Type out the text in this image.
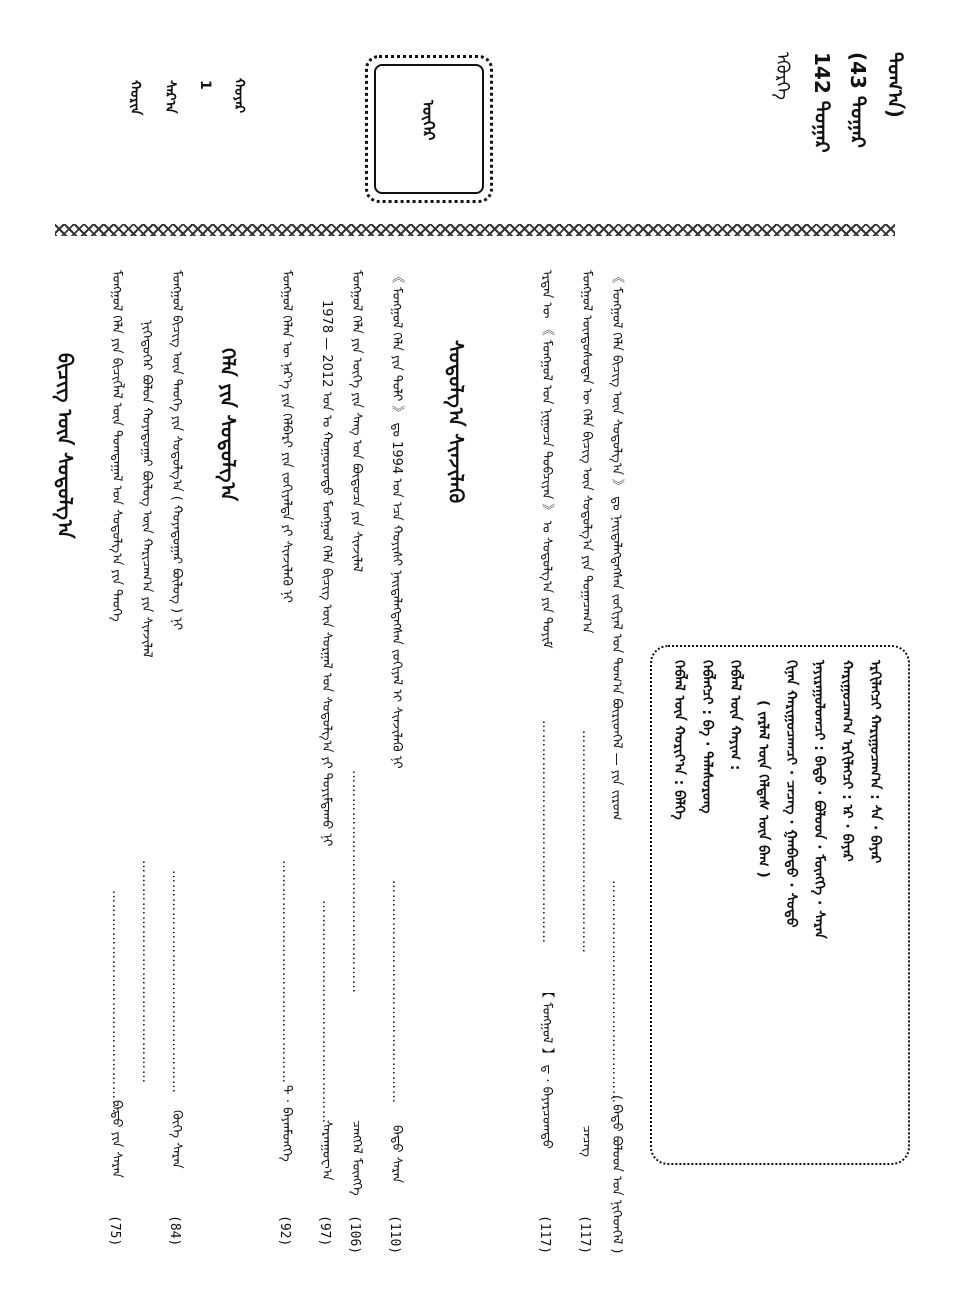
ᠳᠤᠭ᠎ᠠ)
(43 ᠳᠤᠭᠠᠷ
142 ᠳᠤᠭᠠᠷ
ᠡᠭᠦᠷᠭᠡ
ᠦᠬᠡᠷ
ᠬᠣᠶᠠᠷ
1
ᠰᠠᠷ᠎ᠠ
ᠬᠣᠷᠢᠨ
ᠡᠷᠬᠢᠯᠡᠭᠴᠢ ᠬᠠᠷᠢᠭᠤᠴᠠᠭ᠎ᠠ : ᠰᠠ · ᠪᠠᠶᠠᠷ
ᠬᠠᠷᠢᠭᠤᠴᠠᠭ᠎ᠠ ᠡᠷᠬᠢᠯᠡᠭᠴᠢ : ᠡᠷ · ᠪᠠᠶᠠᠷ
ᠨᠠᠶᠢᠷᠠᠭᠤᠯᠤᠭᠴᠢ : ᠪᠠᠲᠤ · ᠪᠣᠯᠣᠳ · ᠮᠥᠩᠬᠡ · ᠰᠠᠷᠠᠨ
ᠬᠢᠨᠠᠨ ᠬᠠᠷᠢᠭᠤᠴᠠᠭᠴᠢ · ᠴᠡᠴᠡᠭ · ᠭᠠᠨᠪᠠᠲᠤ · ᠰᠤᠳᠤ
( ᠵᠠᠷᠯᠠᠯ ᠦᠨ ᠬᠡᠯᠲᠡᠰ ᠦᠨ ᠪᠠᠭ )
ᠬᠡᠪᠯᠡᠯ ᠦᠨ ᠬᠠᠶᠢᠭ :
ᠬᠡᠪᠯᠡᠭᠴᠢ : ᠪᠠ · ᠲᠠᠯᠠᠰᠦᠷᠦᠩ
ᠬᠡᠪᠯᠡᠯ ᠦᠨ ᠬᠣᠷᠢᠶ᠎ᠠ : ᠪᠡᠯᠭᠡ
ᠰᠤᠳᠤᠯᠭ᠎ᠠ ᠰᠢᠨᠵᠢᠯᠡᠬᠦ	《 ᠮᠣᠩᠭᠣᠯ ᠬᠡᠯᠡ ᠪᠢᠴᠢᠭ ᠦᠨ ᠰᠤᠳᠤᠯᠭ᠎ᠠ 》 ᠳᠤ ᠨᠡᠢᠲᠡᠯᠡᠭᠳᠡᠭᠰᠡᠨ ᠵᠣᠬᠢᠶᠠᠯ ᠤᠨ ᠲᠣᠭ᠎ᠠ ᠪᠦᠷᠢᠳᠭᠡᠯ — ᠶᠢᠨ ᠵᠢᠷᠤᠭ
…………………………………………
( ᠪᠠᠲᠤ ᠪᠣᠯᠣᠳ ᠤᠨ ᠨᠢᠭᠡᠳᠬᠡᠯ )
ᠮᠣᠩᠭᠣᠯ ᠦᠨᠳᠦᠰᠦᠲᠡᠨ ᠦ ᠬᠡᠯᠡ ᠪᠢᠴᠢᠭ ᠦᠨ ᠰᠤᠳᠤᠯᠭ᠎ᠠ ᠶᠢᠨ ᠲᠣᠭᠠᠴᠠᠭ᠎ᠠ
…………………………………………
ᠴᠡᠴᠡᠭ
(117)
ᠡᠷᠲᠡᠨ ᠦ 《 ᠮᠣᠩᠭᠣᠯ ᠤᠨ ᠨᠢᠭᠤᠴᠠ ᠲᠣᠪᠴᠢᠶᠠᠨ 》 ᠤ ᠰᠤᠳᠤᠯᠭ᠎ᠠ ᠶᠢᠨ ᠲᠣᠶᠢᠮ
…………………………………………
【 ᠮᠣᠩᠭᠣᠯ 】 ᠳ · ᠪᠠᠶᠠᠷᠴᠣᠭᠲᠤ
(117)
ᠬᠡᠯᠡ ᠶᠢᠨ ᠰᠤᠳᠤᠯᠭ᠎ᠠ	《 ᠮᠣᠩᠭᠣᠯ ᠬᠡᠯᠡ ᠶᠢᠨ ᠲᠣᠯᠢ 》 ᠳᠤ 1994 ᠣᠨ ᠡᠴᠡ ᠬᠣᠶᠢᠰᠢ ᠨᠡᠢᠲᠡᠯᠡᠭᠳᠡᠭᠰᠡᠨ ᠵᠣᠬᠢᠶᠠᠯ ᠢ ᠰᠢᠨᠵᠢᠯᠡᠬᠦ ᠨᠢ
…………………………………………
ᠪᠠᠲᠤ ᠰᠠᠷᠠᠨ
(110)
ᠮᠣᠩᠭᠣᠯ ᠬᠡᠯᠡ ᠶᠢᠨ ᠦᠭᠡ ᠶᠢᠨ ᠰᠠᠩ ᠤᠨ ᠪᠦᠲᠦᠴᠡ ᠶᠢᠨ ᠰᠢᠨᠵᠢᠯᠡᠯ
…………………………………………
ᠴᠡᠩᠭᠡᠯ ᠮᠥᠩᠬᠡ
(106)
1978 — 2012 ᠣᠨ ᠤ ᠬᠣᠭᠤᠷᠤᠨᠳᠤ ᠮᠣᠩᠭᠣᠯ ᠬᠡᠯᠡ ᠪᠢᠴᠢᠭ ᠦᠨ ᠰᠤᠷᠭᠠᠯ ᠤᠨ ᠰᠤᠳᠤᠯᠭ᠎ᠠ ᠶᠢ ᠲᠣᠶᠢᠮᠳᠠᠬᠤ ᠨᠢ
…………………………………………
ᠰᠠᠷᠠᠨᠭᠤᠸ᠎ᠠ
(97)
ᠮᠣᠩᠭᠣᠯ ᠬᠡᠯᠡᠨ ᠦ ᠨᠡᠷ᠎ᠡ ᠶᠢᠨ ᠬᠡᠯᠪᠡᠷᠢ ᠶᠢᠨ ᠵᠣᠬᠢᠶᠠᠯᠲᠠ ᠶᠢ ᠰᠢᠨᠵᠢᠯᠡᠬᠦ ᠨᠢ
…………………………………………
ᠲ · ᠪᠠᠶᠠᠨᠮᠥᠩᠬᠡ
(92)
ᠮᠣᠩᠭᠣᠯ ᠪᠢᠴᠢᠭ ᠦᠨ ᠲᠡᠦᠬᠡ ᠶᠢᠨ ᠰᠤᠳᠤᠯᠭ᠎ᠠ ( ᠬᠣᠶᠠᠳᠤᠭᠠᠷ ᠪᠦᠯᠦᠭ ) ᠨᠢ
…………………………………………
ᠬᠥᠬᠡ ᠰᠠᠷᠠᠨ
(84)
ᠨᠢᠭᠡᠳᠦᠭᠡᠷ ᠪᠣᠯᠤᠨ ᠬᠣᠶᠠᠳᠤᠭᠠᠷ ᠪᠦᠯᠦᠭ ᠦᠨ ᠬᠠᠷᠢᠴᠠᠭ᠎ᠠ ᠶᠢᠨ ᠰᠢᠨᠵᠢᠯᠡᠯ
…………………………………………
ᠮᠣᠩᠭᠣᠯ ᠬᠡᠯᠡ ᠶᠢᠨ ᠪᠢᠴᠢᠭᠯᠡᠯ ᠦᠨ ᠲᠣᠭᠲᠠᠭᠠᠯ ᠤᠨ ᠰᠤᠳᠤᠯᠭ᠎ᠠ ᠶᠢᠨ ᠲᠡᠦᠬᠡ
…………………………………………
ᠪᠠᠲᠤ ᠶᠢᠨ ᠰᠠᠷᠠᠨ
(75)
ᠪᠢᠴᠢᠭ ᠦᠨ ᠰᠤᠳᠤᠯᠭ᠎ᠠ
